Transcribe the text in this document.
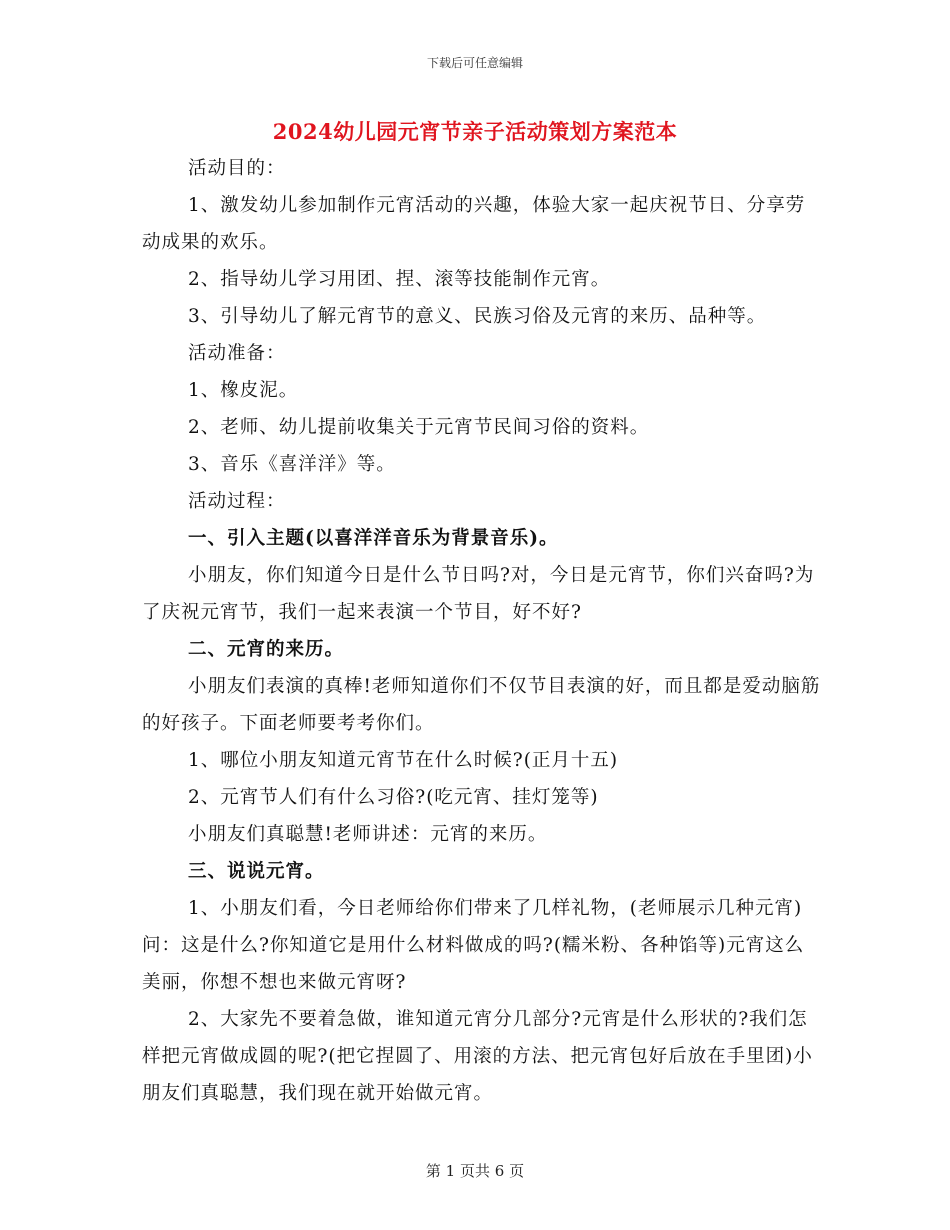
下载后可任意编辑
2024幼儿园元宵节亲子活动策划方案范本

活动目的：

1、激发幼儿参加制作元宵活动的兴趣，体验大家一起庆祝节日、分享劳动成果的欢乐。

2、指导幼儿学习用团、捏、滚等技能制作元宵。

3、引导幼儿了解元宵节的意义、民族习俗及元宵的来历、品种等。

活动准备：

1、橡皮泥。

2、老师、幼儿提前收集关于元宵节民间习俗的资料。

3、音乐《喜洋洋》等。

活动过程：

一、引入主题(以喜洋洋音乐为背景音乐)。

小朋友，你们知道今日是什么节日吗?对，今日是元宵节，你们兴奋吗?为了庆祝元宵节，我们一起来表演一个节目，好不好?

二、元宵的来历。

小朋友们表演的真棒!老师知道你们不仅节目表演的好，而且都是爱动脑筋的好孩子。下面老师要考考你们。

1、哪位小朋友知道元宵节在什么时候?(正月十五)

2、元宵节人们有什么习俗?(吃元宵、挂灯笼等)

小朋友们真聪慧!老师讲述：元宵的来历。

三、说说元宵。

1、小朋友们看，今日老师给你们带来了几样礼物，(老师展示几种元宵)问：这是什么?你知道它是用什么材料做成的吗?(糯米粉、各种馅等)元宵这么美丽，你想不想也来做元宵呀?

2、大家先不要着急做，谁知道元宵分几部分?元宵是什么形状的?我们怎样把元宵做成圆的呢?(把它捏圆了、用滚的方法、把元宵包好后放在手里团)小朋友们真聪慧，我们现在就开始做元宵。

第 1 页共 6 页
